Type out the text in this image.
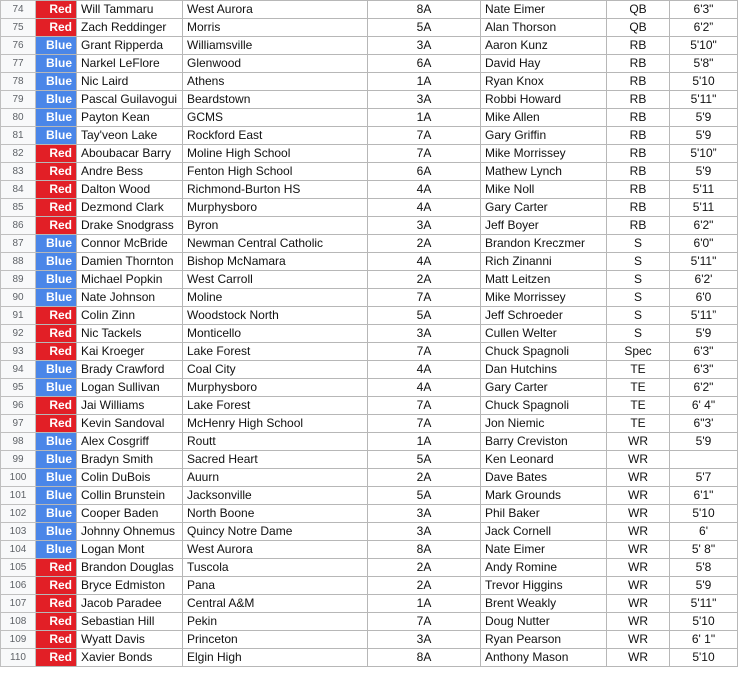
74	Red	Will Tammaru	West Aurora	8A	Nate Eimer	QB	6'3"	
75	Red	Zach Reddinger	Morris	5A	Alan Thorson	QB	6'2”	
76	Blue	Grant Ripperda	Williamsville	3A	Aaron Kunz	RB	5'10"	
77	Blue	Narkel LeFlore	Glenwood	6A	David Hay	RB	5'8"	
78	Blue	Nic Laird	Athens	1A	Ryan Knox	RB	5'10	
79	Blue	Pascal Guilavogui	Beardstown	3A	Robbi Howard	RB	5'11"	
80	Blue	Payton Kean	GCMS	1A	Mike Allen	RB	5'9	
81	Blue	Tay'veon Lake	Rockford East	7A	Gary Griffin	RB	5'9	
82	Red	Aboubacar Barry	Moline High School	7A	Mike Morrissey	RB	5'10”	
83	Red	Andre Bess	Fenton High School	6A	Mathew Lynch	RB	5'9	
84	Red	Dalton Wood	Richmond-Burton HS	4A	Mike Noll	RB	5'11	
85	Red	Dezmond Clark	Murphysboro	4A	Gary Carter	RB	5'11	
86	Red	Drake Snodgrass	Byron	3A	Jeff Boyer	RB	6'2"	
87	Blue	Connor McBride	Newman Central Catholic	2A	Brandon Kreczmer	S	6'0"	
88	Blue	Damien Thornton	Bishop McNamara	4A	Rich Zinanni	S	5'11"	
89	Blue	Michael Popkin	West Carroll	2A	Matt Leitzen	S	6'2'	
90	Blue	Nate Johnson	Moline	7A	Mike Morrissey	S	6'0	
91	Red	Colin Zinn	Woodstock North	5A	Jeff Schroeder	S	5'11”	
92	Red	Nic Tackels	Monticello	3A	Cullen Welter	S	5'9	
93	Red	Kai Kroeger	Lake Forest	7A	Chuck Spagnoli	Spec	6'3"	
94	Blue	Brady Crawford	Coal City	4A	Dan Hutchins	TE	6'3"	
95	Blue	Logan Sullivan	Murphysboro	4A	Gary Carter	TE	6'2"	
96	Red	Jai Williams	Lake Forest	7A	Chuck Spagnoli	TE	6' 4"	
97	Red	Kevin Sandoval	McHenry High School	7A	Jon Niemic	TE	6"3'	
98	Blue	Alex Cosgriff	Routt	1A	Barry Creviston	WR	5'9	
99	Blue	Bradyn Smith	Sacred Heart	5A	Ken Leonard	WR		
100	Blue	Colin DuBois	Auurn	2A	Dave Bates	WR	5'7	
101	Blue	Collin Brunstein	Jacksonville	5A	Mark Grounds	WR	6'1"	
102	Blue	Cooper Baden	North Boone	3A	Phil Baker	WR	5'10	
103	Blue	Johnny Ohnemus	Quincy Notre Dame	3A	Jack Cornell	WR	6'	
104	Blue	Logan Mont	West Aurora	8A	Nate Eimer	WR	5' 8"	
105	Red	Brandon Douglas	Tuscola	2A	Andy Romine	WR	5'8	
106	Red	Bryce Edmiston	Pana	2A	Trevor Higgins	WR	5'9	
107	Red	Jacob Paradee	Central A&M	1A	Brent Weakly	WR	5'11"	
108	Red	Sebastian Hill	Pekin	7A	Doug Nutter	WR	5'10	
109	Red	Wyatt Davis	Princeton	3A	Ryan Pearson	WR	6' 1"	
110	Red	Xavier Bonds	Elgin High	8A	Anthony Mason	WR	5'10	
